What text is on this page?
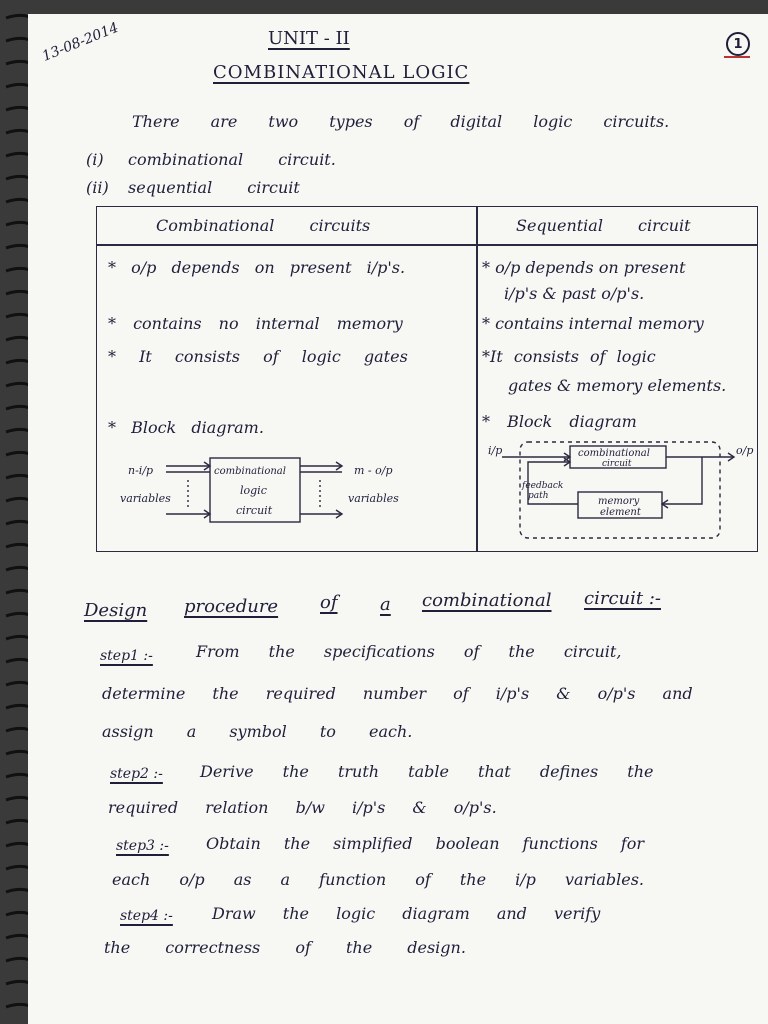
13-08-2014	1
UNIT - II
COMBINATIONAL LOGIC
There are two types of digital logic circuits.
(i) combinational circuit.
(ii) sequential circuit
Combinational circuits	Sequential circuit
* o/p depends on present i/p's.
* contains no internal memory
* It consists of logic gates
* Block diagram.
* o/p depends on present
i/p's & past o/p's.
* contains internal memory
*It consists of logic
gates & memory elements.
* Block diagram
n-i/p
variables
combinational
logic
circuit
m - o/p
variables
i/p	o/p
combinational
circuit
feedback
path	memory
element
Design procedure of a combinational circuit :-
step1 :-	From the specifications of the circuit,
determine the required number of i/p's & o/p's and
assign a symbol to each.
step2 :- Derive the truth table that defines the
required relation b/w i/p's & o/p's.
step3 :- Obtain the simplified boolean functions for
each o/p as a function of the i/p variables.
step4 :- Draw the logic diagram and verify
the correctness of the design.
